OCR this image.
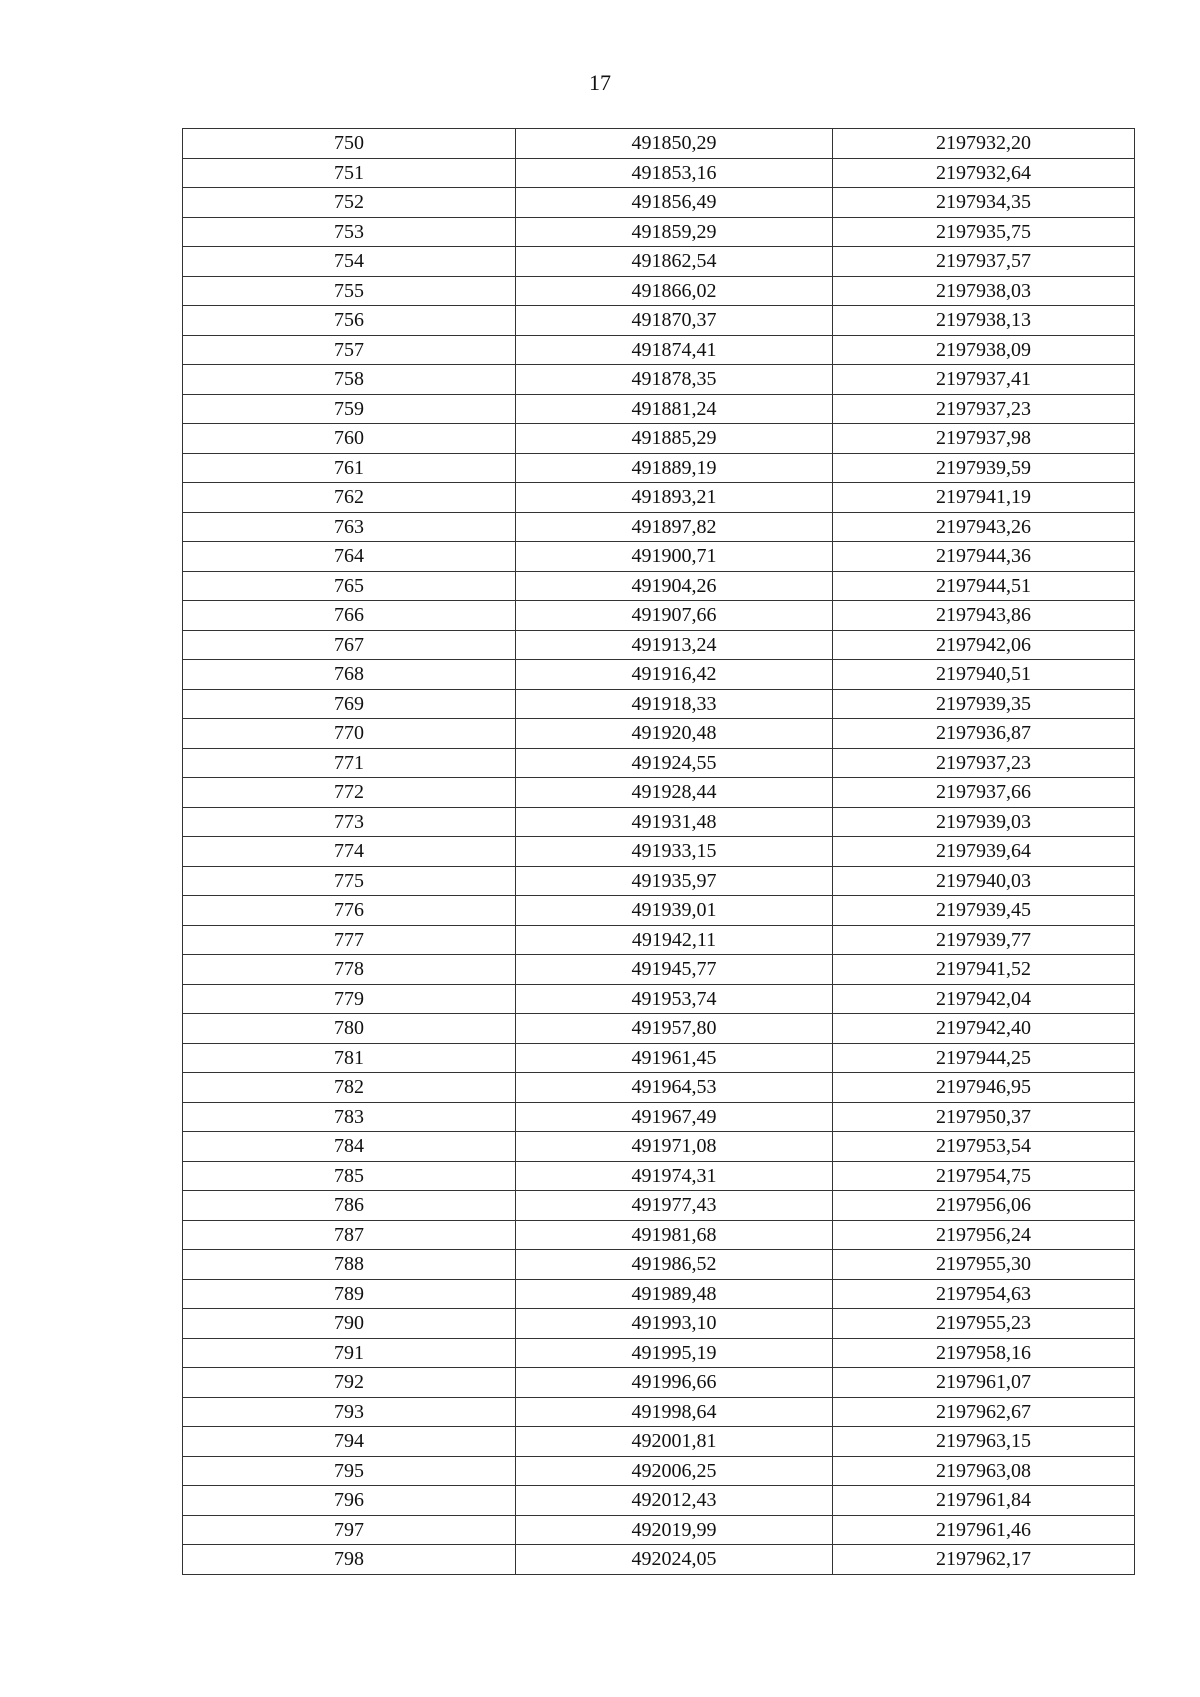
17
750	491850,29	2197932,20
751	491853,16	2197932,64
752	491856,49	2197934,35
753	491859,29	2197935,75
754	491862,54	2197937,57
755	491866,02	2197938,03
756	491870,37	2197938,13
757	491874,41	2197938,09
758	491878,35	2197937,41
759	491881,24	2197937,23
760	491885,29	2197937,98
761	491889,19	2197939,59
762	491893,21	2197941,19
763	491897,82	2197943,26
764	491900,71	2197944,36
765	491904,26	2197944,51
766	491907,66	2197943,86
767	491913,24	2197942,06
768	491916,42	2197940,51
769	491918,33	2197939,35
770	491920,48	2197936,87
771	491924,55	2197937,23
772	491928,44	2197937,66
773	491931,48	2197939,03
774	491933,15	2197939,64
775	491935,97	2197940,03
776	491939,01	2197939,45
777	491942,11	2197939,77
778	491945,77	2197941,52
779	491953,74	2197942,04
780	491957,80	2197942,40
781	491961,45	2197944,25
782	491964,53	2197946,95
783	491967,49	2197950,37
784	491971,08	2197953,54
785	491974,31	2197954,75
786	491977,43	2197956,06
787	491981,68	2197956,24
788	491986,52	2197955,30
789	491989,48	2197954,63
790	491993,10	2197955,23
791	491995,19	2197958,16
792	491996,66	2197961,07
793	491998,64	2197962,67
794	492001,81	2197963,15
795	492006,25	2197963,08
796	492012,43	2197961,84
797	492019,99	2197961,46
798	492024,05	2197962,17
